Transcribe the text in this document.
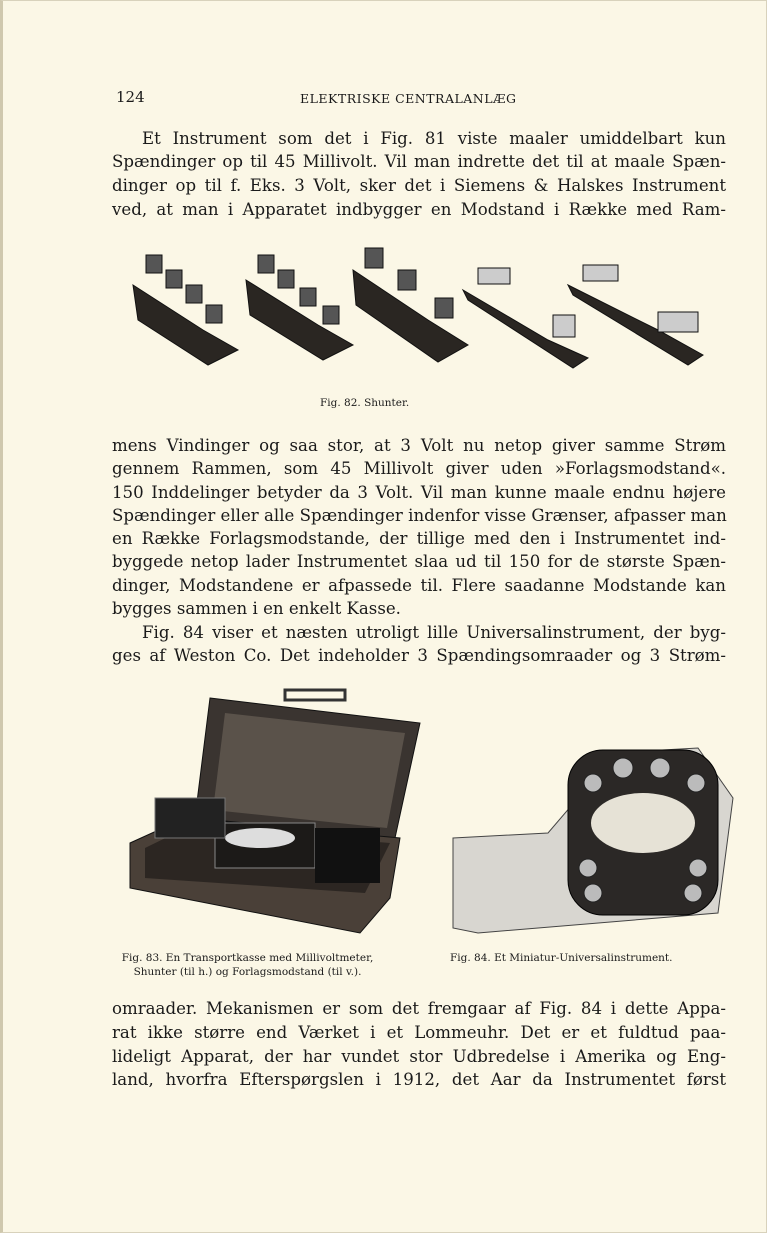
124	ELEKTRISKE CENTRALANLÆG
Et Instrument som det i Fig. 81 viste maaler umiddelbart kun
Spændinger op til 45 Millivolt. Vil man indrette det til at maale Spæn-
dinger op til f. Eks. 3 Volt, sker det i Siemens & Halskes Instrument
ved, at man i Apparatet indbygger en Modstand i Række med Ram-
Fig. 82. Shunter.
mens Vindinger og saa stor, at 3 Volt nu netop giver samme Strøm
gennem Rammen, som 45 Millivolt giver uden »Forlagsmodstand«.
150 Inddelinger betyder da 3 Volt. Vil man kunne maale endnu højere
Spændinger eller alle Spændinger indenfor visse Grænser, afpasser man
en Række Forlagsmodstande, der tillige med den i Instrumentet ind-
byggede netop lader Instrumentet slaa ud til 150 for de største Spæn-
dinger, Modstandene er afpassede til. Flere saadanne Modstande kan
bygges sammen i en enkelt Kasse.
Fig. 84 viser et næsten utroligt lille Universalinstrument, der byg-
ges af Weston Co. Det indeholder 3 Spændingsomraader og 3 Strøm-
Fig. 83. En Transportkasse med Millivoltmeter,
Shunter (til h.) og Forlagsmodstand (til v.).
Fig. 84. Et Miniatur-Universalinstrument.
omraader. Mekanismen er som det fremgaar af Fig. 84 i dette Appa-
rat ikke større end Værket i et Lommeuhr. Det er et fuldtud paa-
lideligt Apparat, der har vundet stor Udbredelse i Amerika og Eng-
land, hvorfra Efterspørgslen i 1912, det Aar da Instrumentet først
